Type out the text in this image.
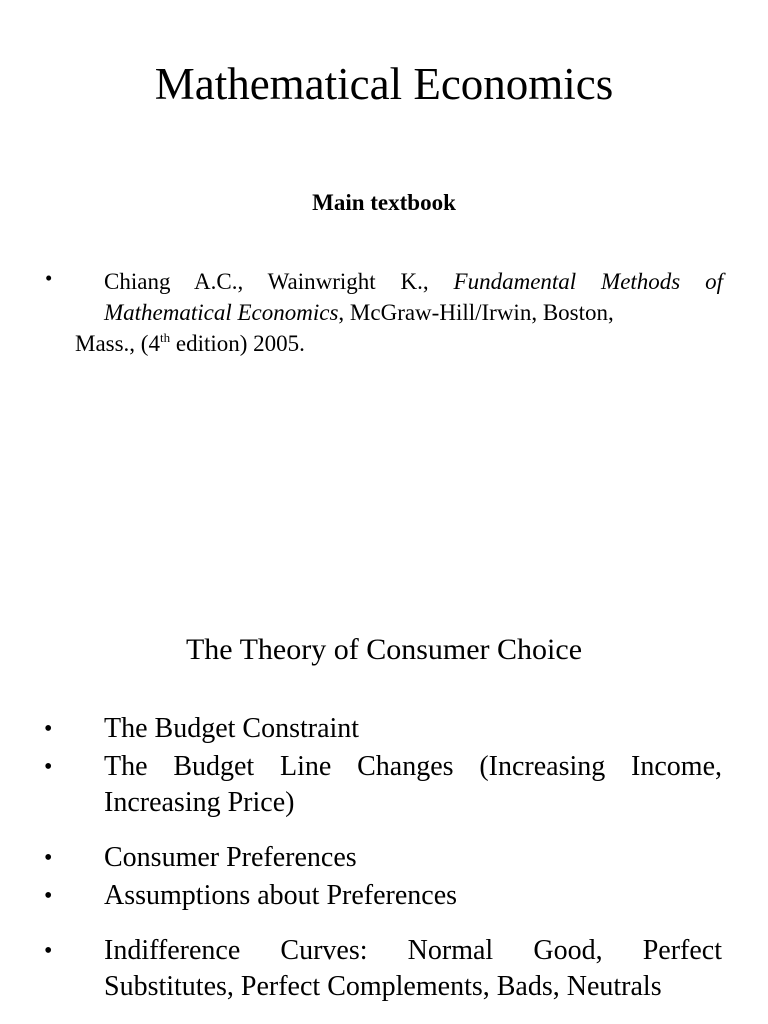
Mathematical Economics
Main textbook
•	Chiang A.C., Wainwright K., Fundamental Methods of
Mathematical Economics, McGraw-Hill/Irwin, Boston,
Mass., (4th edition) 2005.
The Theory of Consumer Choice
• The Budget Constraint
• The Budget Line Changes (Increasing Income, Increasing Price)
• Consumer Preferences
• Assumptions about Preferences
• Indifference Curves: Normal Good, Perfect Substitutes, Perfect Complements, Bads, Neutrals
